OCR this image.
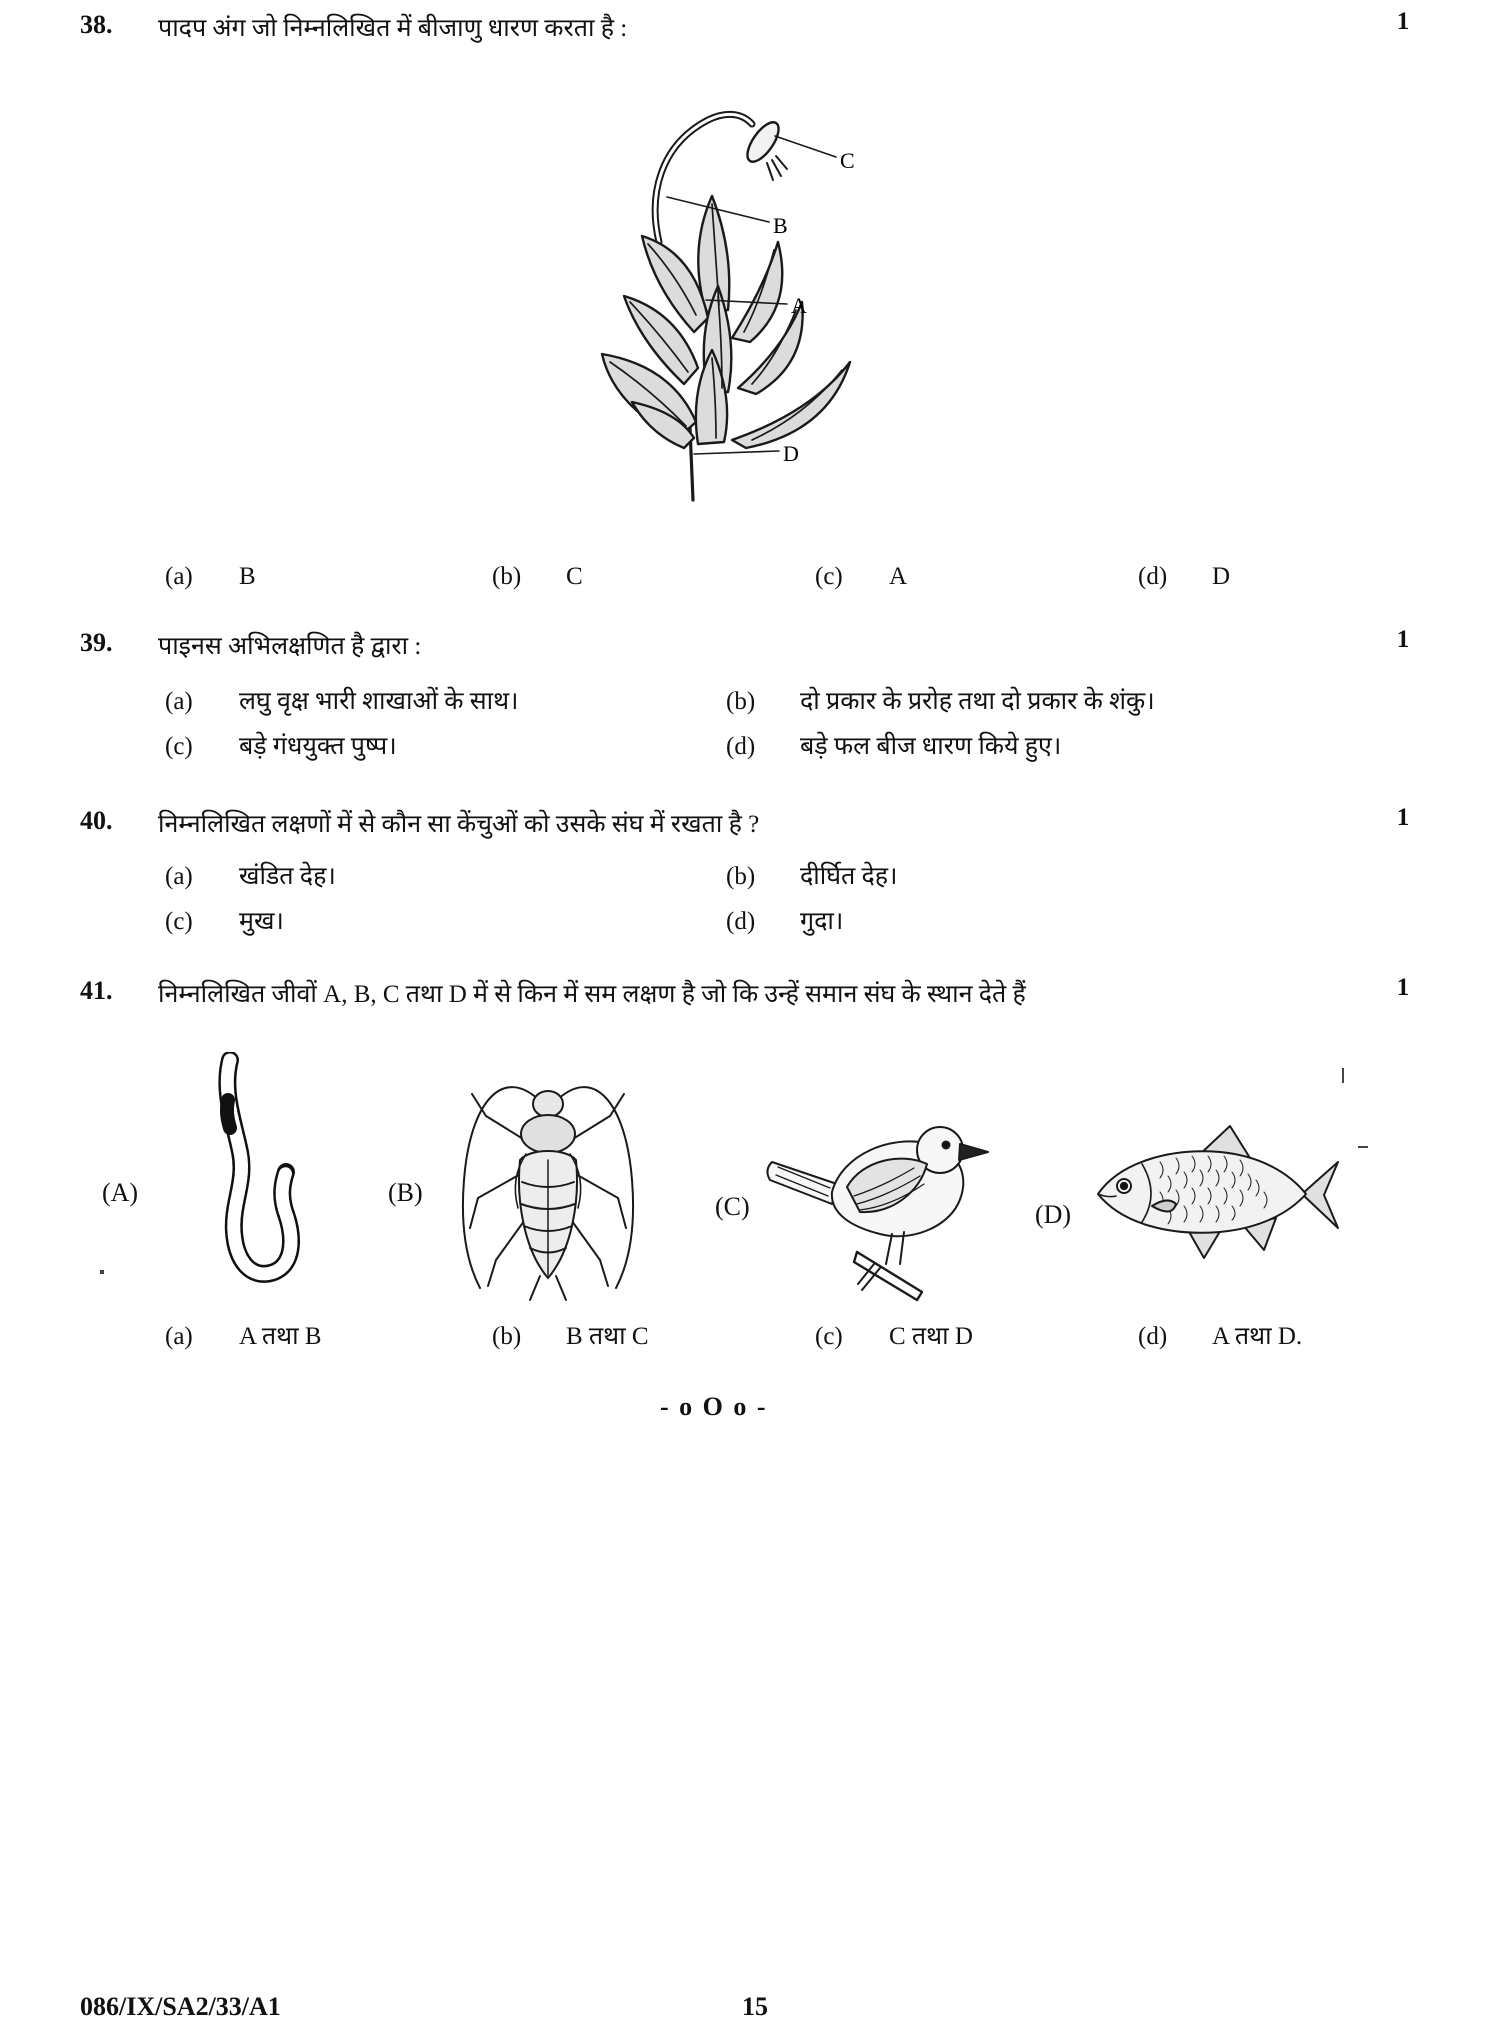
38. पादप अंग जो निम्नलिखित में बीजाणु धारण करता है :	1
C
B
A
D
(a)	B	(b)	C	(c)	A	(d)	D
39. पाइनस अभिलक्षणित है द्वारा :	1
(a)	लघु वृक्ष भारी शाखाओं के साथ।	(b)	दो प्रकार के प्ररोह तथा दो प्रकार के शंकु।
(c)	बड़े गंधयुक्त पुष्प।	(d)	बड़े फल बीज धारण किये हुए।
40. निम्नलिखित लक्षणों में से कौन सा केंचुओं को उसके संघ में रखता है ?	1
(a)	खंडित देह।	(b)	दीर्घित देह।
(c)	मुख।	(d)	गुदा।
41. निम्नलिखित जीवों A, B, C तथा D में से किन में सम लक्षण है जो कि उन्हें समान संघ के स्थान देते हैं	1
(A)	(B)	(C)	(D)
(a)	A तथा B	(b)	B तथा C	(c)	C तथा D	(d)	A तथा D.
- o O o -
086/IX/SA2/33/A1	15
